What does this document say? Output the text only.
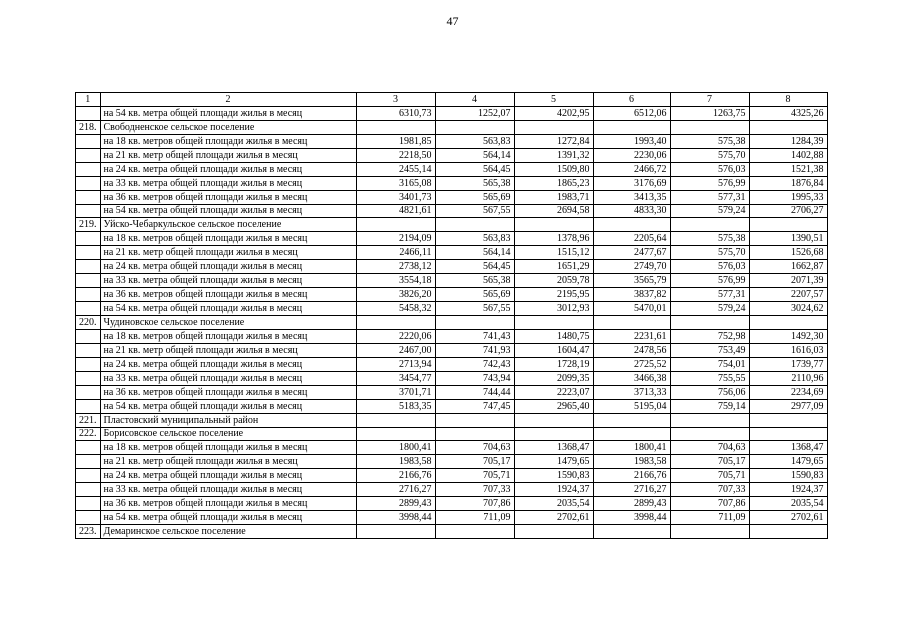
47
1	2	3	4	5	6	7	8
	на 54 кв. метра общей площади жилья в месяц	6310,73	1252,07	4202,95	6512,06	1263,75	4325,26
218.	Свободненское сельское поселение						
	на 18 кв. метров общей площади жилья в месяц	1981,85	563,83	1272,84	1993,40	575,38	1284,39
	на 21 кв. метр общей площади жилья в месяц	2218,50	564,14	1391,32	2230,06	575,70	1402,88
	на 24 кв. метра общей площади жилья в месяц	2455,14	564,45	1509,80	2466,72	576,03	1521,38
	на 33 кв. метра общей площади жилья в месяц	3165,08	565,38	1865,23	3176,69	576,99	1876,84
	на 36 кв. метров общей площади жилья в месяц	3401,73	565,69	1983,71	3413,35	577,31	1995,33
	на 54 кв. метра общей площади жилья в месяц	4821,61	567,55	2694,58	4833,30	579,24	2706,27
219.	Уйско-Чебаркульское сельское поселение						
	на 18 кв. метров общей площади жилья в месяц	2194,09	563,83	1378,96	2205,64	575,38	1390,51
	на 21 кв. метр общей площади жилья в месяц	2466,11	564,14	1515,12	2477,67	575,70	1526,68
	на 24 кв. метра общей площади жилья в месяц	2738,12	564,45	1651,29	2749,70	576,03	1662,87
	на 33 кв. метра общей площади жилья в месяц	3554,18	565,38	2059,78	3565,79	576,99	2071,39
	на 36 кв. метров общей площади жилья в месяц	3826,20	565,69	2195,95	3837,82	577,31	2207,57
	на 54 кв. метра общей площади жилья в месяц	5458,32	567,55	3012,93	5470,01	579,24	3024,62
220.	Чудиновское сельское поселение						
	на 18 кв. метров общей площади жилья в месяц	2220,06	741,43	1480,75	2231,61	752,98	1492,30
	на 21 кв. метр общей площади жилья в месяц	2467,00	741,93	1604,47	2478,56	753,49	1616,03
	на 24 кв. метра общей площади жилья в месяц	2713,94	742,43	1728,19	2725,52	754,01	1739,77
	на 33 кв. метра общей площади жилья в месяц	3454,77	743,94	2099,35	3466,38	755,55	2110,96
	на 36 кв. метров общей площади жилья в месяц	3701,71	744,44	2223,07	3713,33	756,06	2234,69
	на 54 кв. метра общей площади жилья в месяц	5183,35	747,45	2965,40	5195,04	759,14	2977,09
221.	Пластовский муниципальный район						
222.	Борисовское сельское поселение						
	на 18 кв. метров общей площади жилья в месяц	1800,41	704,63	1368,47	1800,41	704,63	1368,47
	на 21 кв. метр общей площади жилья в месяц	1983,58	705,17	1479,65	1983,58	705,17	1479,65
	на 24 кв. метра общей площади жилья в месяц	2166,76	705,71	1590,83	2166,76	705,71	1590,83
	на 33 кв. метра общей площади жилья в месяц	2716,27	707,33	1924,37	2716,27	707,33	1924,37
	на 36 кв. метров общей площади жилья в месяц	2899,43	707,86	2035,54	2899,43	707,86	2035,54
	на 54 кв. метра общей площади жилья в месяц	3998,44	711,09	2702,61	3998,44	711,09	2702,61
223.	Демаринское сельское поселение						
